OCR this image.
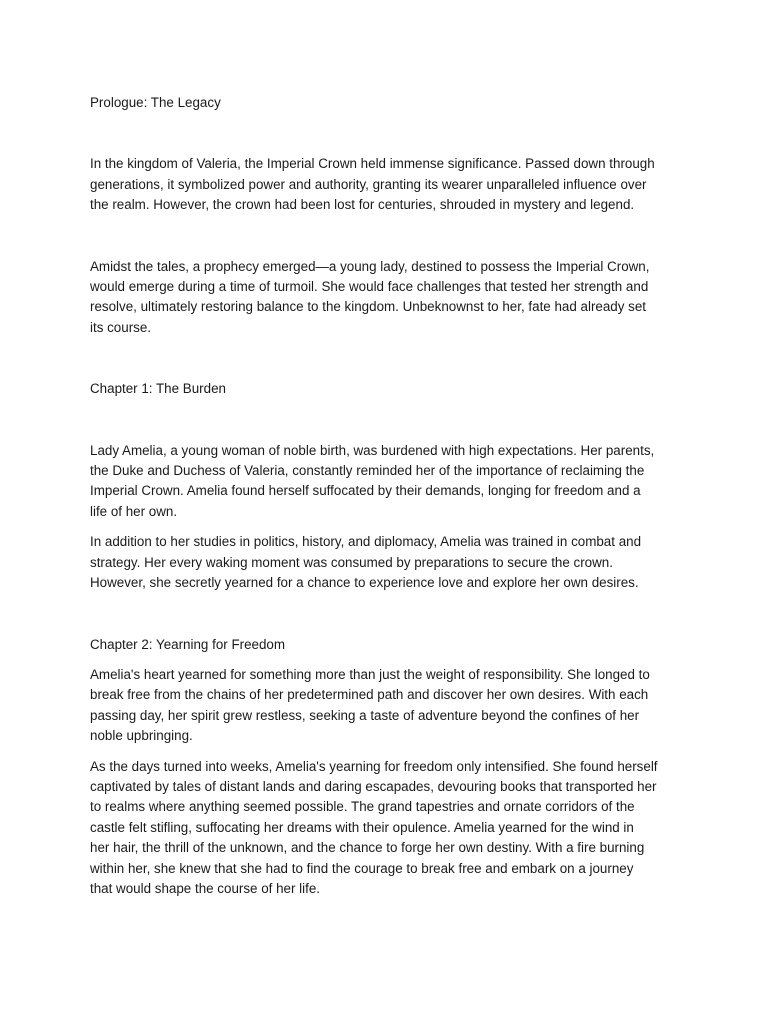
Prologue: The Legacy

In the kingdom of Valeria, the Imperial Crown held immense significance. Passed down through
generations, it symbolized power and authority, granting its wearer unparalleled influence over
the realm. However, the crown had been lost for centuries, shrouded in mystery and legend.

Amidst the tales, a prophecy emerged—a young lady, destined to possess the Imperial Crown,
would emerge during a time of turmoil. She would face challenges that tested her strength and
resolve, ultimately restoring balance to the kingdom. Unbeknownst to her, fate had already set
its course.

Chapter 1: The Burden

Lady Amelia, a young woman of noble birth, was burdened with high expectations. Her parents,
the Duke and Duchess of Valeria, constantly reminded her of the importance of reclaiming the
Imperial Crown. Amelia found herself suffocated by their demands, longing for freedom and a
life of her own.

In addition to her studies in politics, history, and diplomacy, Amelia was trained in combat and
strategy. Her every waking moment was consumed by preparations to secure the crown.
However, she secretly yearned for a chance to experience love and explore her own desires.

Chapter 2: Yearning for Freedom

Amelia's heart yearned for something more than just the weight of responsibility. She longed to
break free from the chains of her predetermined path and discover her own desires. With each
passing day, her spirit grew restless, seeking a taste of adventure beyond the confines of her
noble upbringing.

As the days turned into weeks, Amelia's yearning for freedom only intensified. She found herself
captivated by tales of distant lands and daring escapades, devouring books that transported her
to realms where anything seemed possible. The grand tapestries and ornate corridors of the
castle felt stifling, suffocating her dreams with their opulence. Amelia yearned for the wind in
her hair, the thrill of the unknown, and the chance to forge her own destiny. With a fire burning
within her, she knew that she had to find the courage to break free and embark on a journey
that would shape the course of her life.
